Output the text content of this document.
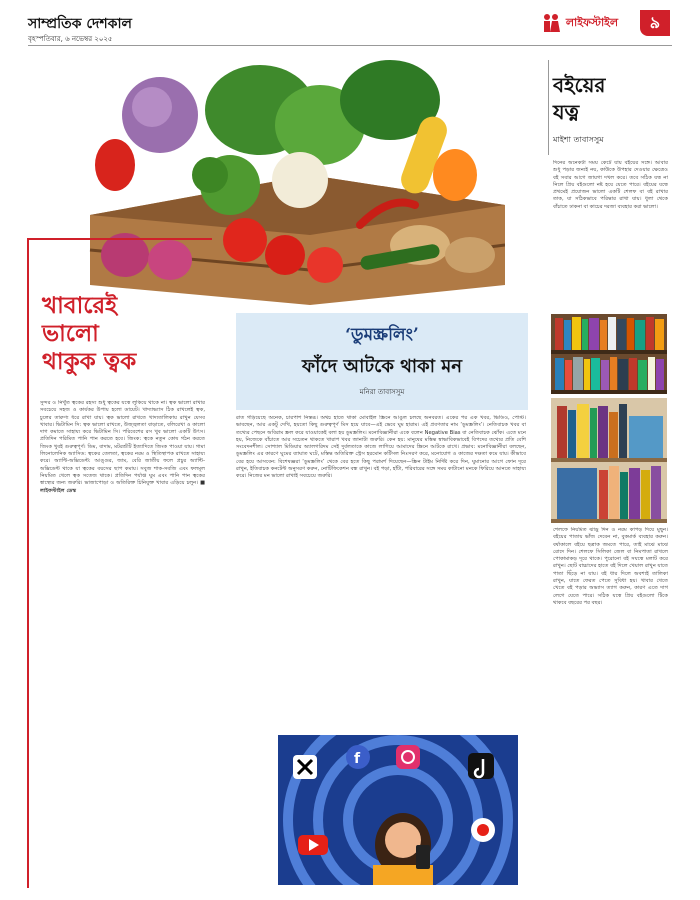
সাম্প্রতিক দেশকাল
বৃহস্পতিবার, ৬ নভেম্বর ২০২৫
লাইফস্টাইল	৯
খাবারেই
ভালো
থাকুক ত্বক
সুন্দর ও নিখুঁত ত্বকের রহস্য শুধু ত্বকের যত্নে লুকিয়ে থাকে না। ত্বক ভালো রাখার সবচেয়ে সহজ ও কার্যকর উপায় হলো ডায়েট। খাদ্যাভ্যাস ঠিক রাখলেই ত্বক, চুলের তারুণ্য ধরে রাখা যায়। ত্বক ভালো রাখতে খাদ্যতালিকায় রাখুন যেসব খাবার। ভিটামিন সি: ত্বক ভালো রাখতে, উজ্জ্বলতা বাড়াতে, বলিরেখা ও কালো দাগ কমাতে সাহায্য করে ভিটামিন সি। পরিবেশের রস খুব ভালো একটি উৎস। প্রতিদিন পরিমিত পানি পান করতে হবে। জিংক: ত্বকে নতুন কোষ গঠন করতে জিংক খুবই গুরুত্বপূর্ণ। ডিম, বাদাম, মটরশুঁটি ইত্যাদিতে জিংক পাওয়া যায়। গামা লিনোলেনিক অ্যাসিড: ত্বকের তেলতা, ত্বকের নরম ও স্থিতিস্থাপক রাখতে সাহায্য করে। অ্যান্টি-অক্সিডেন্ট: আঙ্গুর, জাম, বেরি জাতীয় ফলে প্রচুর অ্যান্টি-অক্সিডেন্ট থাকে যা ত্বকের বয়সের ছাপ কমায়। সবুজ শাক-সবজি এবং ফলমূল নিয়মিত খেলে ত্বক সতেজ থাকে। প্রতিদিন পর্যাপ্ত ঘুম এবং পানি পান ত্বকের স্বাস্থ্যের জন্য জরুরি। ভাজাপোড়া ও অতিরিক্ত চিনিযুক্ত খাবার এড়িয়ে চলুন। ■ লাইফস্টাইল ডেস্ক
‘ডুমস্ক্রলিং’
ফাঁদে আটকে থাকা মন
মনিরা তাবাসসুম
রাত গড়িয়েছে অনেক, চারপাশ নিস্তব্ধ। অথচ হাতে থাকা মোবাইল স্ক্রিনে আঙুল চলছে অনবরত। একের পর এক খবর, ভিডিও, পোস্ট। ভাবছেন, আর একটু দেখি, হয়তো কিছু গুরুত্বপূর্ণ মিস হয়ে যাবে—এই ভেবে ঘুম হারাম। এই প্রবণতার নাম ‘ডুমস্ক্রলিং’। নেতিবাচক খবর বা তথ্যের পেছনে অবিরাম স্ক্রল করে যাওয়াকেই বলা হয় ডুমস্ক্রলিং। মনোবিজ্ঞানীরা একে বলেন Negative Bias বা নেতিবাচক ঝোঁক। এতে মনে হয়, নিজেকে বাঁচাতে আর সচেতন থাকতে খারাপ খবর জানাটা জরুরি। কেন হয়: মানুষের মস্তিষ্ক স্বাভাবিকভাবেই বিপদের তথ্যের প্রতি বেশি সংবেদনশীল। সোশ্যাল মিডিয়ার অ্যালগরিদম সেই দুর্বলতাকে কাজে লাগিয়ে আমাদের স্ক্রিনে আটকে রাখে। প্রভাব: মনোবিজ্ঞানীরা বলছেন, ডুমস্ক্রলিং এর কারণে ঘুমের ব্যাঘাত ঘটে, মস্তিষ্ক অতিরিক্ত স্ট্রেস হরমোন কর্টিসল নিঃসরণ করে, মনোযোগ ও কাজের দক্ষতা কমে যায়। কীভাবে বের হয়ে আসবেন: বিশেষজ্ঞরা ‘ডুমস্ক্রলিং’ থেকে বের হতে কিছু পরামর্শ দিয়েছেন—স্ক্রিন টাইম নির্দিষ্ট করে দিন, ঘুমানোর আগে ফোন দূরে রাখুন, ইতিবাচক কনটেন্ট অনুসরণ করুন, নোটিফিকেশন বন্ধ রাখুন। বই পড়া, হাঁটা, পরিবারের সঙ্গে সময় কাটানো মনকে ফিরিয়ে আনতে সাহায্য করে। নিজের মন ভালো রাখাই সবচেয়ে জরুরি।
f
বইয়ের
যত্ন
মাইশা তাবাসসুম
দিনের অনেকটা সময় কেটে যায় বইয়ের সঙ্গে। আবার শুধু পড়ার জন্যই নয়, কাউকে উপহার দেওয়ার ক্ষেত্রেও বই সবার আগে জায়গা দখল করে। তবে সঠিক যত্ন না নিলে প্রিয় বইগুলো নষ্ট হয়ে যেতে পারে। বইয়ের যত্নে প্রথমেই প্রয়োজন ভালো একটি শেলফ বা বই রাখার তাক, যা সঠিকভাবে পরিষ্কার রাখা যায়। ধুলা থেকে বাঁচাতে ঢাকনা বা কাচের দরজা ব্যবহার করা ভালো।
শেলফে নিয়মিত ঝাড়ু দিন ও নরম কাপড় দিয়ে মুছুন। বইয়ের পাতায় ভাঁজ দেবেন না, বুকমার্ক ব্যবহার করুন। বর্ষাকালে বইয়ে ছত্রাক জমতে পারে, তাই মাঝে মাঝে রোদে দিন। শেলফে সিলিকা জেল বা নিমপাতা রাখলে পোকামাকড় দূরে থাকে। পুরোনো বই সযত্নে মলাট করে রাখুন। ছোট বাচ্চাদের হাতে বই দিলে খেয়াল রাখুন যাতে পাতা ছিঁড়ে না যায়। বই ধার দিলে অবশ্যই তালিকা রাখুন, যাতে ফেরত পেতে সুবিধা হয়। খাবার খেতে খেতে বই পড়ার অভ্যাস ত্যাগ করুন, কারণ এতে দাগ লেগে যেতে পারে। সঠিক যত্নে প্রিয় বইগুলো টিকে থাকবে বছরের পর বছর।
